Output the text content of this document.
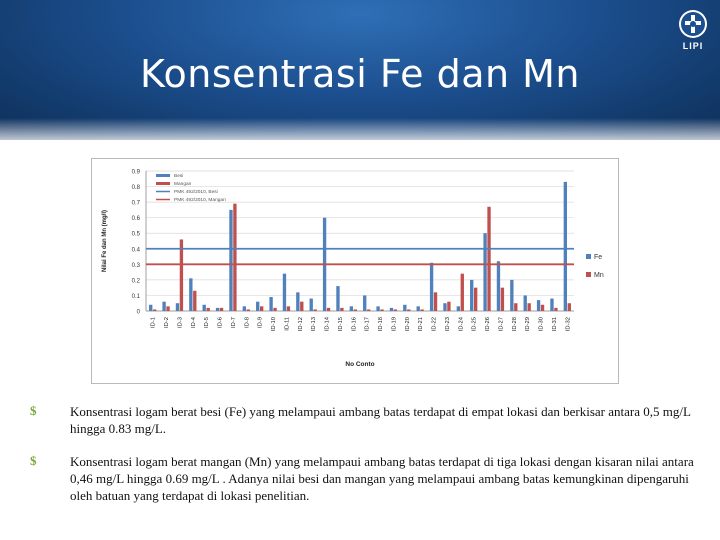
Konsentrasi Fe dan Mn
LIPI
0
0.1
0.2
0.3
0.4
0.5
0.6
0.7
0.8
0.9
ID-1 ID-2 ID-3 ID-4 ID-5 ID-6 ID-7 ID-8 ID-9 ID-10 ID-11 ID-12 ID-13 ID-14 ID-15 ID-16 ID-17 ID-18 ID-19 ID-20 ID-21 ID-22 ID-23 ID-24 ID-25 ID-26 ID-27 ID-28 ID-29 ID-30 ID-31 ID-32
Nilai Fe dan Mn (mg/l)
No Conto
Besi
Mangan
PMK 492/2010, Besi
PMK 492/2010, Mangan
Fe
Mn
$	Konsentrasi logam berat besi (Fe) yang melampaui ambang batas terdapat di empat lokasi dan berkisar antara 0,5 mg/L hingga 0.83 mg/L.
$	Konsentrasi logam berat mangan (Mn) yang melampaui ambang batas terdapat di tiga lokasi dengan kisaran nilai antara 0,46 mg/L hingga 0.69 mg/L . Adanya nilai besi dan mangan yang melampaui ambang batas kemungkinan dipengaruhi oleh batuan yang terdapat di lokasi penelitian.
